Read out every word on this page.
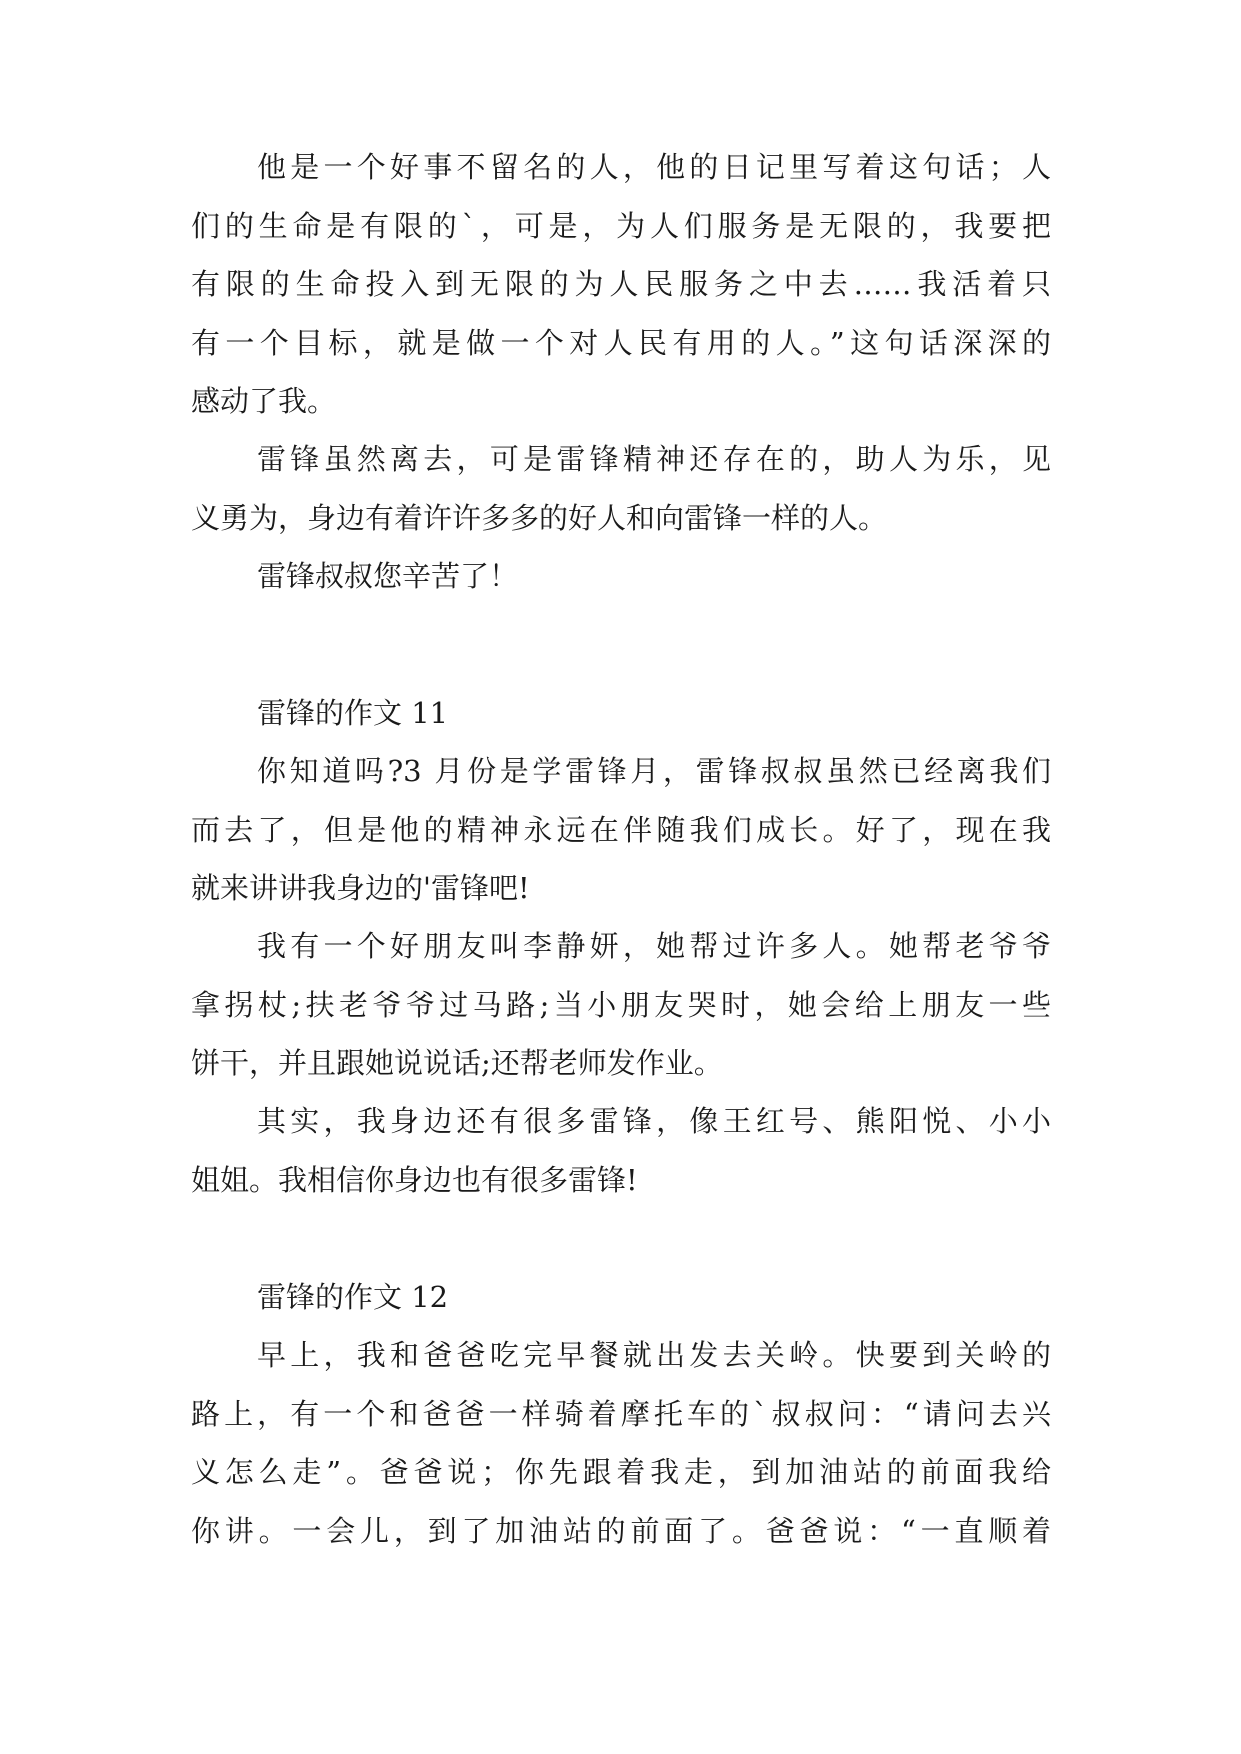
他是一个好事不留名的人，他的日记里写着这句话；人
们的生命是有限的`，可是，为人们服务是无限的，我要把
有限的生命投入到无限的为人民服务之中去……我活着只
有一个目标，就是做一个对人民有用的人。”这句话深深的
感动了我。
雷锋虽然离去，可是雷锋精神还存在的，助人为乐，见
义勇为，身边有着许许多多的好人和向雷锋一样的人。
雷锋叔叔您辛苦了！
雷锋的作文 11
你知道吗?3 月份是学雷锋月，雷锋叔叔虽然已经离我们
而去了，但是他的精神永远在伴随我们成长。好了，现在我
就来讲讲我身边的'雷锋吧!
我有一个好朋友叫李静妍，她帮过许多人。她帮老爷爷
拿拐杖;扶老爷爷过马路;当小朋友哭时，她会给上朋友一些
饼干，并且跟她说说话;还帮老师发作业。
其实，我身边还有很多雷锋，像王红号、熊阳悦、小小
姐姐。我相信你身边也有很多雷锋!
雷锋的作文 12
早上，我和爸爸吃完早餐就出发去关岭。快要到关岭的
路上，有一个和爸爸一样骑着摩托车的`叔叔问：“请问去兴
义怎么走”。爸爸说；你先跟着我走，到加油站的前面我给
你讲。一会儿，到了加油站的前面了。爸爸说：“一直顺着
